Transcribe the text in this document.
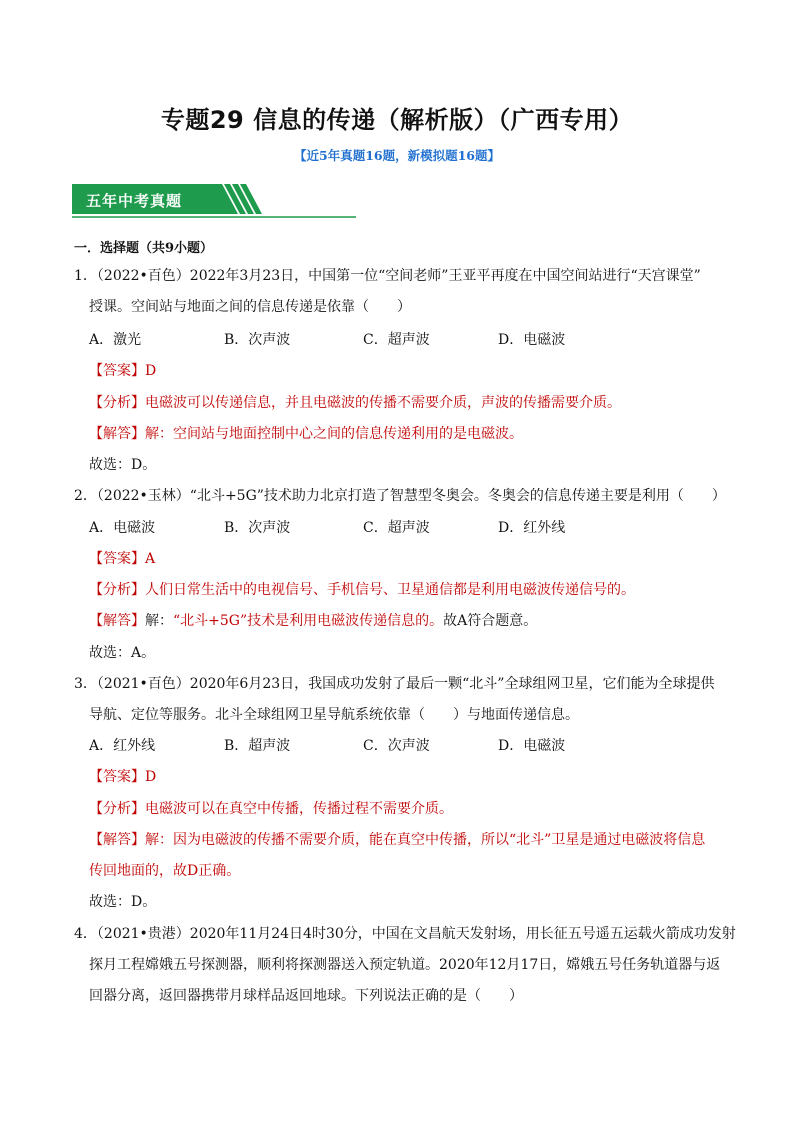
专题29 信息的传递（解析版）（广西专用）
【近5年真题16题，新模拟题16题】
五年中考真题
一．选择题（共9小题）
1．（2022•百色）2022年3月23日，中国第一位“空间老师”王亚平再度在中国空间站进行“天宫课堂”
授课。空间站与地面之间的信息传递是依靠（　　）
A．激光	B．次声波	C．超声波	D．电磁波
【答案】D
【分析】电磁波可以传递信息，并且电磁波的传播不需要介质，声波的传播需要介质。
【解答】解：空间站与地面控制中心之间的信息传递利用的是电磁波。
故选：D。
2．（2022•玉林）“北斗+5G”技术助力北京打造了智慧型冬奥会。冬奥会的信息传递主要是利用（　　）
A．电磁波	B．次声波	C．超声波	D．红外线
【答案】A
【分析】人们日常生活中的电视信号、手机信号、卫星通信都是利用电磁波传递信号的。
【解答】解：“北斗+5G”技术是利用电磁波传递信息的。故A符合题意。
故选：A。
3．（2021•百色）2020年6月23日，我国成功发射了最后一颗“北斗”全球组网卫星，它们能为全球提供
导航、定位等服务。北斗全球组网卫星导航系统依靠（　　）与地面传递信息。
A．红外线	B．超声波	C．次声波	D．电磁波
【答案】D
【分析】电磁波可以在真空中传播，传播过程不需要介质。
【解答】解：因为电磁波的传播不需要介质，能在真空中传播，所以“北斗”卫星是通过电磁波将信息
传回地面的，故D正确。
故选：D。
4．（2021•贵港）2020年11月24日4时30分，中国在文昌航天发射场，用长征五号遥五运载火箭成功发射
探月工程嫦娥五号探测器，顺利将探测器送入预定轨道。2020年12月17日，嫦娥五号任务轨道器与返
回器分离，返回器携带月球样品返回地球。下列说法正确的是（　　）
